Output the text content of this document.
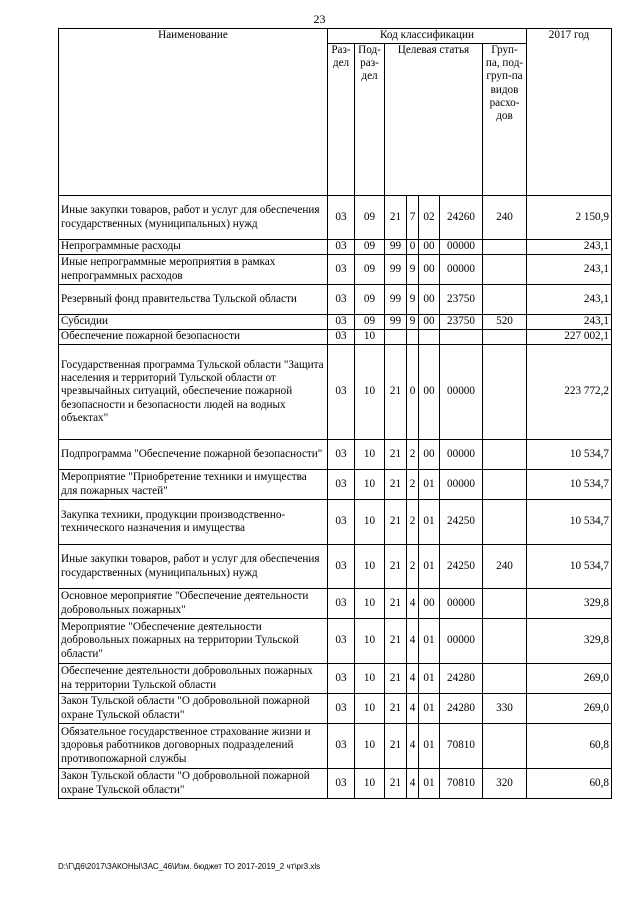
23
Наименование	Код классификации							2017 год
	Раз-дел	Под-раз-дел	Целевая статья				Груп-па, под-груп-па видов расхо-дов	
Иные закупки товаров, работ и услуг для обеспечения государственных (муниципальных) нужд	03	09	21	7	02	24260	240	2 150,9
Непрограммные расходы	03	09	99	0	00	00000		243,1
Иные непрограммные мероприятия в рамках непрограммных расходов	03	09	99	9	00	00000		243,1
Резервный фонд правительства Тульской области	03	09	99	9	00	23750		243,1
Субсидии	03	09	99	9	00	23750	520	243,1
Обеспечение пожарной безопасности	03	10						227 002,1
Государственная программа Тульской области "Защита населения и территорий Тульской области от чрезвычайных ситуаций, обеспечение пожарной безопасности и безопасности людей на водных объектах"	03	10	21	0	00	00000		223 772,2
Подпрограмма "Обеспечение пожарной безопасности"	03	10	21	2	00	00000		10 534,7
Мероприятие "Приобретение техники и имущества для пожарных частей"	03	10	21	2	01	00000		10 534,7
Закупка техники, продукции производственно-технического назначения и имущества	03	10	21	2	01	24250		10 534,7
Иные закупки товаров, работ и услуг для обеспечения государственных (муниципальных) нужд	03	10	21	2	01	24250	240	10 534,7
Основное мероприятие "Обеспечение деятельности добровольных пожарных"	03	10	21	4	00	00000		329,8
Мероприятие "Обеспечение деятельности добровольных пожарных на территории Тульской области"	03	10	21	4	01	00000		329,8
Обеспечение деятельности добровольных пожарных на территории Тульской области	03	10	21	4	01	24280		269,0
Закон Тульской области "О добровольной пожарной охране Тульской области"	03	10	21	4	01	24280	330	269,0
Обязательное государственное страхование жизни и здоровья работников договорных подразделений противопожарной службы	03	10	21	4	01	70810		60,8
Закон Тульской области "О добровольной пожарной охране Тульской области"	03	10	21	4	01	70810	320	60,8
D:\Г\Д6\2017\ЗАКОНЫ\ЗАС_46\Изм. бюджет ТО 2017-2019_2 чт\pr3.xls
